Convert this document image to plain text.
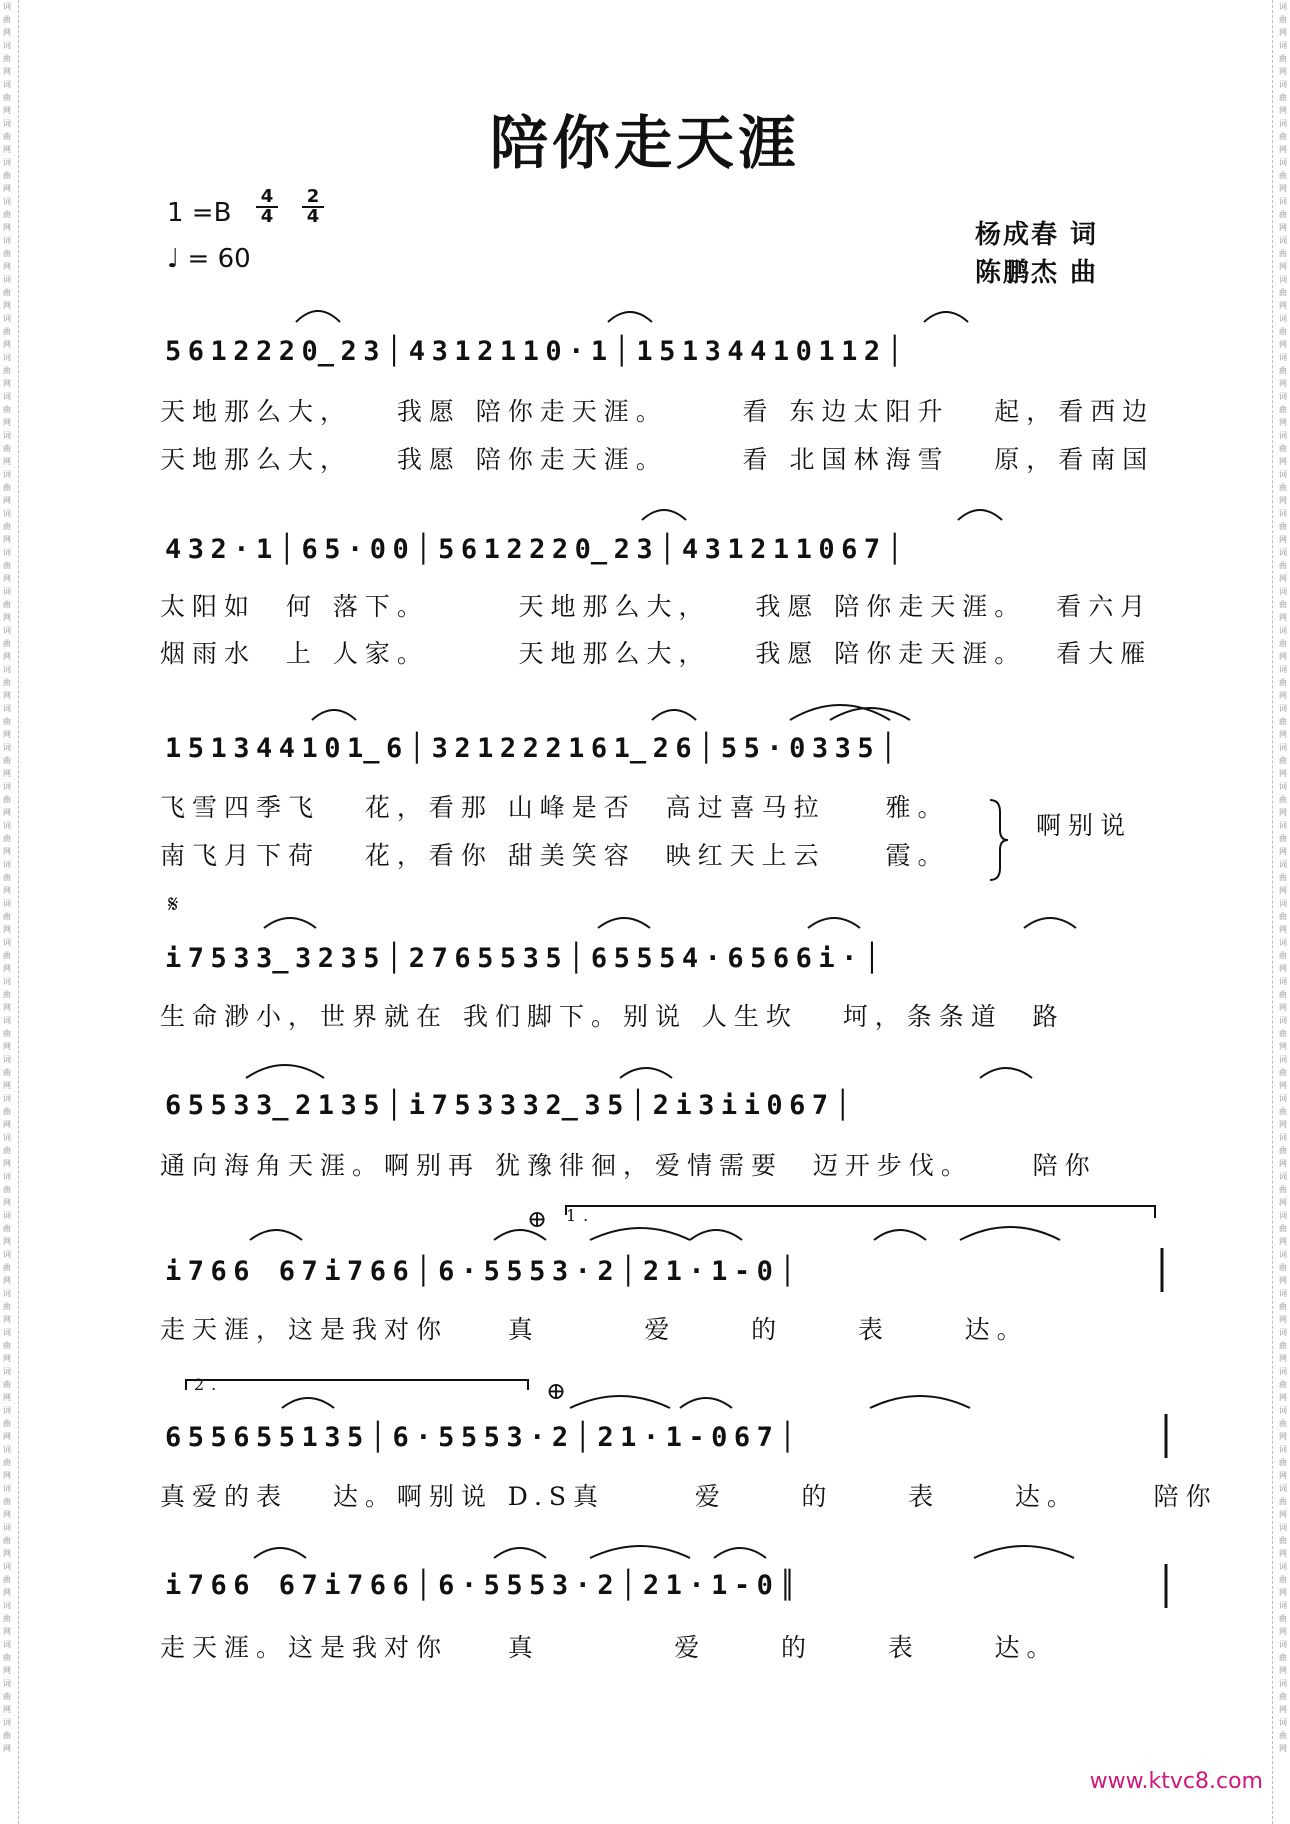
词
曲
网
词
曲
网
词
曲
网
词
曲
网
词
曲
网
词
曲
网
词
曲
网
词
曲
网
词
曲
网
词
曲
网
词
曲
网
词
曲
网
词
曲
网
词
曲
网
词
曲
网
词
曲
网
词
曲
网
词
曲
网
词
曲
网
词
曲
网
词
曲
网
词
曲
网
词
曲
网
词
曲
网
词
曲
网
词
曲
网
词
曲
网
词
曲
网
词
曲
网
词
曲
网
词
曲
网
词
曲
网
词
曲
网
词
曲
网
词
曲
网
词
曲
网
词
曲
网
词
曲
网
词
曲
网
词
曲
网
词
曲
网
词
曲
网
词
曲
网
词
曲
网
词
曲
网

词
曲
网
词
曲
网
词
曲
网
词
曲
网
词
曲
网
词
曲
网
词
曲
网
词
曲
网
词
曲
网
词
曲
网
词
曲
网
词
曲
网
词
曲
网
词
曲
网
词
曲
网
词
曲
网
词
曲
网
词
曲
网
词
曲
网
词
曲
网
词
曲
网
词
曲
网
词
曲
网
词
曲
网
词
曲
网
词
曲
网
词
曲
网
词
曲
网
词
曲
网
词
曲
网
词
曲
网
词
曲
网
词
曲
网
词
曲
网
词
曲
网
词
曲
网
词
曲
网
词
曲
网
词
曲
网
词
曲
网
词
曲
网
词
曲
网
词
曲
网
词
曲
网
词
曲
网

陪你走天涯
$1 =B \frac{4}{4} \frac{2}{4}$
♩ = 60
杨成春 词
陈鹏杰 曲
5612220̲23│4312110·1│15134410112│
天地那么大，   我愿 陪你走天涯。     看 东边太阳升   起，看西边
天地那么大，   我愿 陪你走天涯。     看 北国林海雪   原，看南国
432·1│65·00│5612220̲23│431211067│
太阳如  何 落下。      天地那么大，   我愿 陪你走天涯。  看六月
烟雨水  上 人家。      天地那么大，   我愿 陪你走天涯。  看大雁
151344101̲6│321222161̲26│55·0335│
飞雪四季飞   花，看那 山峰是否  高过喜马拉    雅。
南飞月下荷   花，看你 甜美笑容  映红天上云    霞。
啊别说
𝄋
i7533̲3235│2765535│65554·6566i·│
生命渺小，世界就在 我们脚下。别说 人生坎   坷，条条道  路
65533̲2135│i753332̲35│2i3ii067│
通向海角天涯。啊别再 犹豫徘徊，爱情需要  迈开步伐。    陪你
⊕ 1.
i766 67i766│6·5553·2│21·1-0│
走天涯，这是我对你    真       爱     的     表     达。
2.	⊕
655655135│6·5553·2│21·1-067│
真爱的表   达。啊别说 D.S真      爱     的     表     达。     陪你
i766 67i766│6·5553·2│21·1-0║
走天涯。这是我对你    真         爱     的     表     达。
www.ktvc8.com
